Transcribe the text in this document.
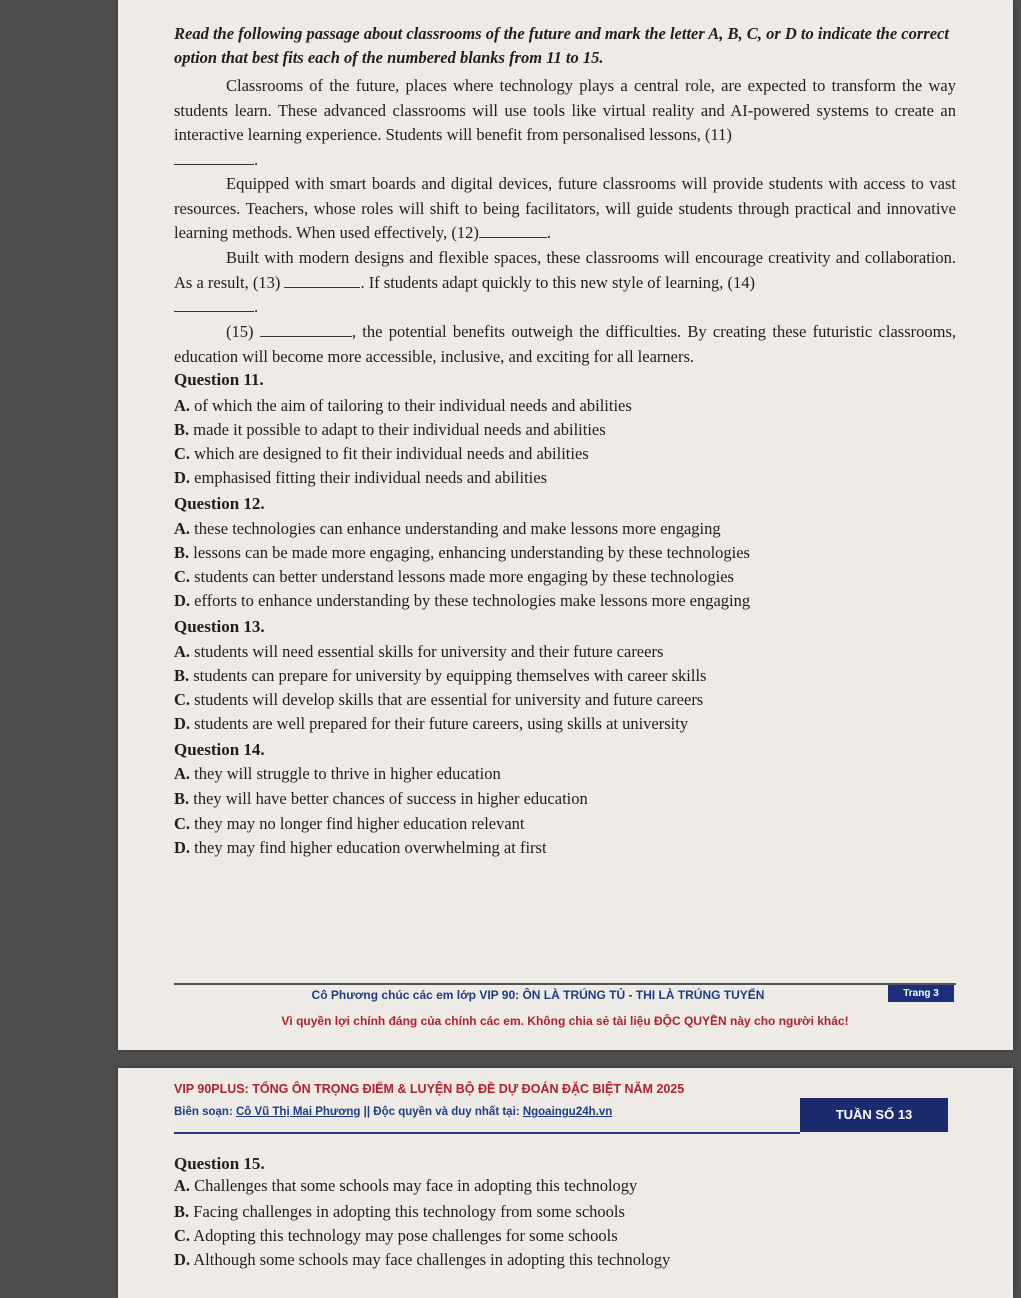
Read the following passage about classrooms of the future and mark the letter A, B, C, or D to indicate the correct option that best fits each of the numbered blanks from 11 to 15.
Classrooms of the future, places where technology plays a central role, are expected to transform the way students learn. These advanced classrooms will use tools like virtual reality and AI-powered systems to create an interactive learning experience. Students will benefit from personalised lessons, (11)
.
Equipped with smart boards and digital devices, future classrooms will provide students with access to vast resources. Teachers, whose roles will shift to being facilitators, will guide students through practical and innovative learning methods. When used effectively, (12)	.
Built with modern designs and flexible spaces, these classrooms will encourage creativity and collaboration. As a result, (13)	. If students adapt quickly to this new style of learning, (14)
.
(15)	, the potential benefits outweigh the difficulties. By creating these futuristic classrooms, education will become more accessible, inclusive, and exciting for all learners.
Question 11.
A. of which the aim of tailoring to their individual needs and abilities
B. made it possible to adapt to their individual needs and abilities
C. which are designed to fit their individual needs and abilities
D. emphasised fitting their individual needs and abilities
Question 12.
A. these technologies can enhance understanding and make lessons more engaging
B. lessons can be made more engaging, enhancing understanding by these technologies
C. students can better understand lessons made more engaging by these technologies
D. efforts to enhance understanding by these technologies make lessons more engaging
Question 13.
A. students will need essential skills for university and their future careers
B. students can prepare for university by equipping themselves with career skills
C. students will develop skills that are essential for university and future careers
D. students are well prepared for their future careers, using skills at university
Question 14.
A. they will struggle to thrive in higher education
B. they will have better chances of success in higher education
C. they may no longer find higher education relevant
D. they may find higher education overwhelming at first
Cô Phương chúc các em lớp VIP 90: ÔN LÀ TRÚNG TỦ - THI LÀ TRÚNG TUYỂN	Trang 3
Vì quyền lợi chính đáng của chính các em. Không chia sẻ tài liệu ĐỘC QUYỀN này cho người khác!
VIP 90PLUS: TỔNG ÔN TRỌNG ĐIỂM & LUYỆN BỘ ĐỀ DỰ ĐOÁN ĐẶC BIỆT NĂM 2025
Biên soạn: Cô Vũ Thị Mai Phương || Độc quyền và duy nhất tại: Ngoaingu24h.vn	TUẦN SỐ 13
Question 15.
A. Challenges that some schools may face in adopting this technology
B. Facing challenges in adopting this technology from some schools
C. Adopting this technology may pose challenges for some schools
D. Although some schools may face challenges in adopting this technology
